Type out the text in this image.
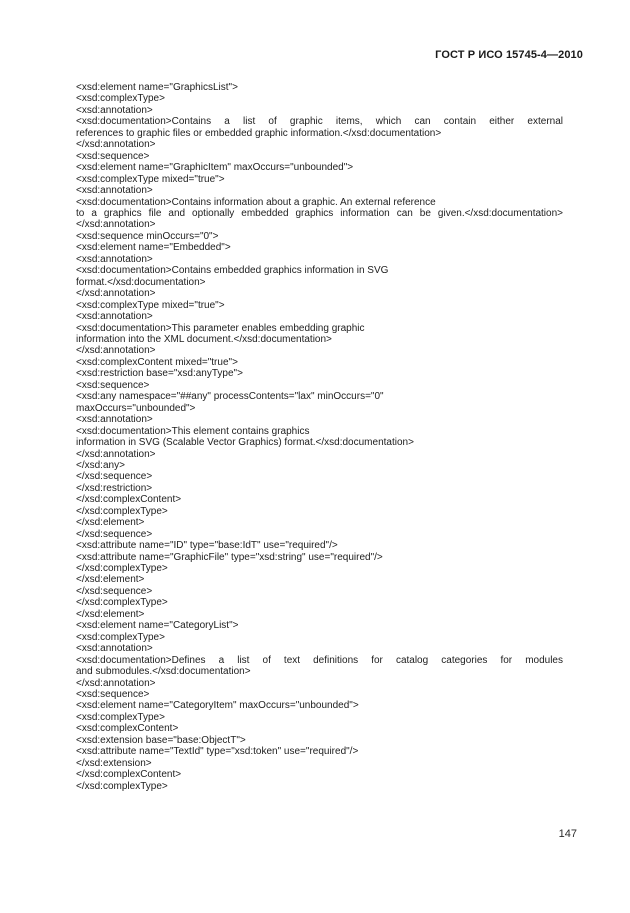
ГОСТ Р ИСО 15745-4—2010
<xsd:element name="GraphicsList">
<xsd:complexType>
<xsd:annotation>
<xsd:documentation>Contains a list of graphic items, which can contain either external
references to graphic files or embedded graphic information.</xsd:documentation>
</xsd:annotation>
<xsd:sequence>
<xsd:element name="GraphicItem" maxOccurs="unbounded">
<xsd:complexType mixed="true">
<xsd:annotation>
<xsd:documentation>Contains information about a graphic. An external reference
to a graphics file and optionally embedded graphics information can be given.</xsd:documentation>
</xsd:annotation>
<xsd:sequence minOccurs="0">
<xsd:element name="Embedded">
<xsd:annotation>
<xsd:documentation>Contains embedded graphics information in SVG
format.</xsd:documentation>
</xsd:annotation>
<xsd:complexType mixed="true">
<xsd:annotation>
<xsd:documentation>This parameter enables embedding graphic
information into the XML document.</xsd:documentation>
</xsd:annotation>
<xsd:complexContent mixed="true">
<xsd:restriction base="xsd:anyType">
<xsd:sequence>
<xsd:any namespace="##any" processContents="lax" minOccurs="0"
maxOccurs="unbounded">
<xsd:annotation>
<xsd:documentation>This element contains graphics
information in SVG (Scalable Vector Graphics) format.</xsd:documentation>
</xsd:annotation>
</xsd:any>
</xsd:sequence>
</xsd:restriction>
</xsd:complexContent>
</xsd:complexType>
</xsd:element>
</xsd:sequence>
<xsd:attribute name="ID" type="base:IdT" use="required"/>
<xsd:attribute name="GraphicFile" type="xsd:string" use="required"/>
</xsd:complexType>
</xsd:element>
</xsd:sequence>
</xsd:complexType>
</xsd:element>
<xsd:element name="CategoryList">
<xsd:complexType>
<xsd:annotation>
<xsd:documentation>Defines a list of text definitions for catalog categories for modules
and submodules.</xsd:documentation>
</xsd:annotation>
<xsd:sequence>
<xsd:element name="CategoryItem" maxOccurs="unbounded">
<xsd:complexType>
<xsd:complexContent>
<xsd:extension base="base:ObjectT">
<xsd:attribute name="TextId" type="xsd:token" use="required"/>
</xsd:extension>
</xsd:complexContent>
</xsd:complexType>
147
